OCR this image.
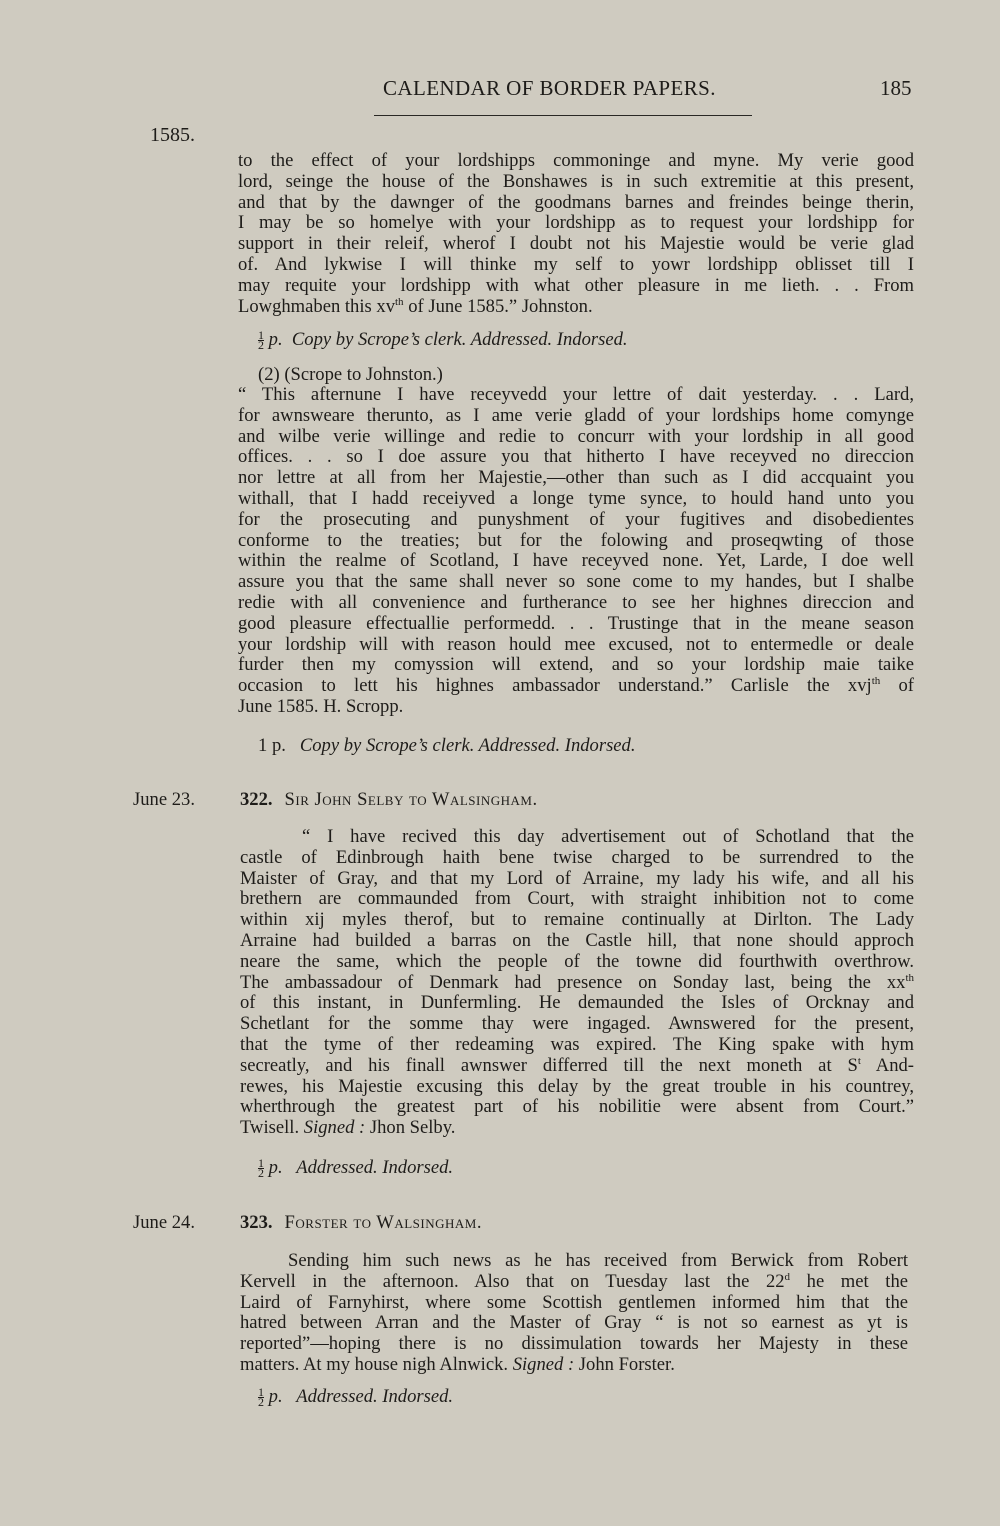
CALENDAR OF BORDER PAPERS.	185
1585.
to the effect of your lordshipps commoninge and myne. My verie good
lord, seinge the house of the Bonshawes is in such extremitie at this present,
and that by the dawnger of the goodmans barnes and freindes beinge therin,
I may be so homelye with your lordshipp as to request your lordshipp for
support in their releif, wherof I doubt not his Majestie would be verie glad
of. And lykwise I will thinke my self to yowr lordshipp oblisset till I
may requite your lordshipp with what other pleasure in me lieth. . . From
Lowghmaben this $xv^{th}$ of June 1585.” Johnston.
$\frac{1}{2} p$. Copy by Scrope’s clerk. Addressed. Indorsed.
(2) (Scrope to Johnston.)
“ This afternune I have receyvedd your lettre of dait yesterday. . . Lard,
for awnsweare therunto, as I ame verie gladd of your lordships home comynge
and wilbe verie willinge and redie to concurr with your lordship in all good
offices. . . so I doe assure you that hitherto I have receyved no direccion
nor lettre at all from her Majestie,—other than such as I did accquaint you
withall, that I hadd receiyved a longe tyme synce, to hould hand unto you
for the prosecuting and punyshment of your fugitives and disobedientes
conforme to the treaties; but for the folowing and proseqwting of those
within the realme of Scotland, I have receyved none. Yet, Larde, I doe well
assure you that the same shall never so sone come to my handes, but I shalbe
redie with all convenience and furtherance to see her highnes direccion and
good pleasure effectuallie performedd. . . Trustinge that in the meane season
your lordship will with reason hould mee excused, not to entermedle or deale
furder then my comyssion will extend, and so your lordship maie taike
occasion to lett his highnes ambassador understand.” Carlisle the xvj$^{th}$ of
June 1585. H. Scropp.
1 p. Copy by Scrope’s clerk. Addressed. Indorsed.
June 23. 322. Sir John Selby to Walsingham.
“ I have recived this day advertisement out of Schotland that the
castle of Edinbrough haith bene twise charged to be surrendred to the
Maister of Gray, and that my Lord of Arraine, my lady his wife, and all his
brethern are commaunded from Court, with straight inhibition not to come
within xij myles therof, but to remaine continually at Dirlton. The Lady
Arraine had builded a barras on the Castle hill, that none should approch
neare the same, which the people of the towne did fourthwith overthrow.
The ambassadour of Denmark had presence on Sonday last, being the $xx^{th}$
of this instant, in Dunfermling. He demaunded the Isles of Orcknay and
Schetlant for the somme thay were ingaged. Awnswered for the present,
that the tyme of ther redeaming was expired. The King spake with hym
secreatly, and his finall awnswer differred till the next moneth at $S^t$ And-
rewes, his Majestie excusing this delay by the great trouble in his countrey,
wherthrough the greatest part of his nobilitie were absent from Court.”
Twisell. Signed : Jhon Selby.
$\frac{1}{2} p$. Addressed. Indorsed.
June 24. 323. Forster to Walsingham.
Sending him such news as he has received from Berwick from Robert
Kervell in the afternoon. Also that on Tuesday last the 22$^d$ he met the
Laird of Farnyhirst, where some Scottish gentlemen informed him that the
hatred between Arran and the Master of Gray “ is not so earnest as yt is
reported”—hoping there is no dissimulation towards her Majesty in these
matters. At my house nigh Alnwick. Signed : John Forster.
$\frac{1}{2} p$. Addressed. Indorsed.
